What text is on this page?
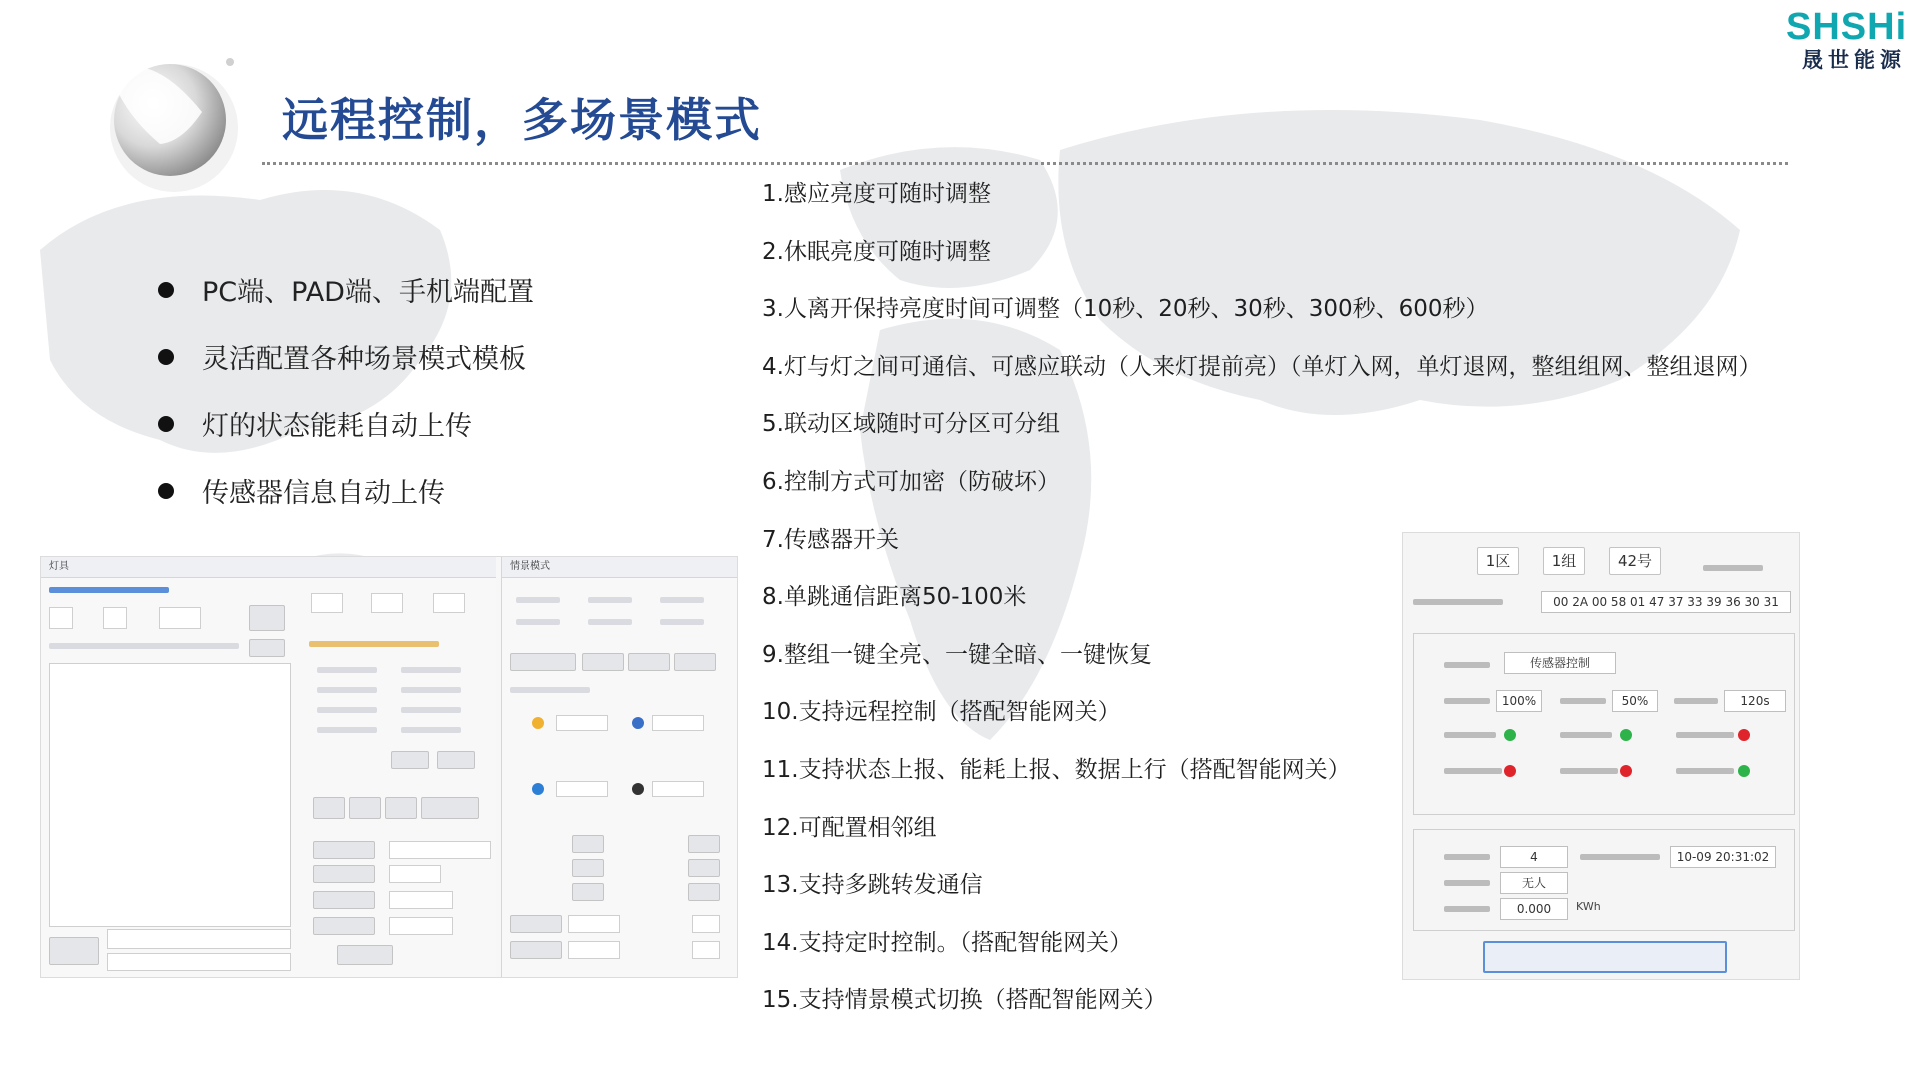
SHSHi
晟世能源
远程控制，多场景模式
PC端、PAD端、手机端配置
灵活配置各种场景模式模板
灯的状态能耗自动上传
传感器信息自动上传
1.感应亮度可随时调整
2.休眠亮度可随时调整
3.人离开保持亮度时间可调整（10秒、20秒、30秒、300秒、600秒）
4.灯与灯之间可通信、可感应联动（人来灯提前亮）（单灯入网，单灯退网，整组组网、整组退网）
5.联动区域随时可分区可分组
6.控制方式可加密（防破坏）
7.传感器开关
8.单跳通信距离50-100米
9.整组一键全亮、一键全暗、一键恢复
10.支持远程控制（搭配智能网关）
11.支持状态上报、能耗上报、数据上行（搭配智能网关）
12.可配置相邻组
13.支持多跳转发通信
14.支持定时控制。（搭配智能网关）
15.支持情景模式切换（搭配智能网关）
灯具	情景模式	1区	1组	42号
00 2A 00 58 01 47 37 33 39 36 30 31
传感器控制
100%	50%	120s
4	10-09 20:31:02
无人
0.000	KWh
